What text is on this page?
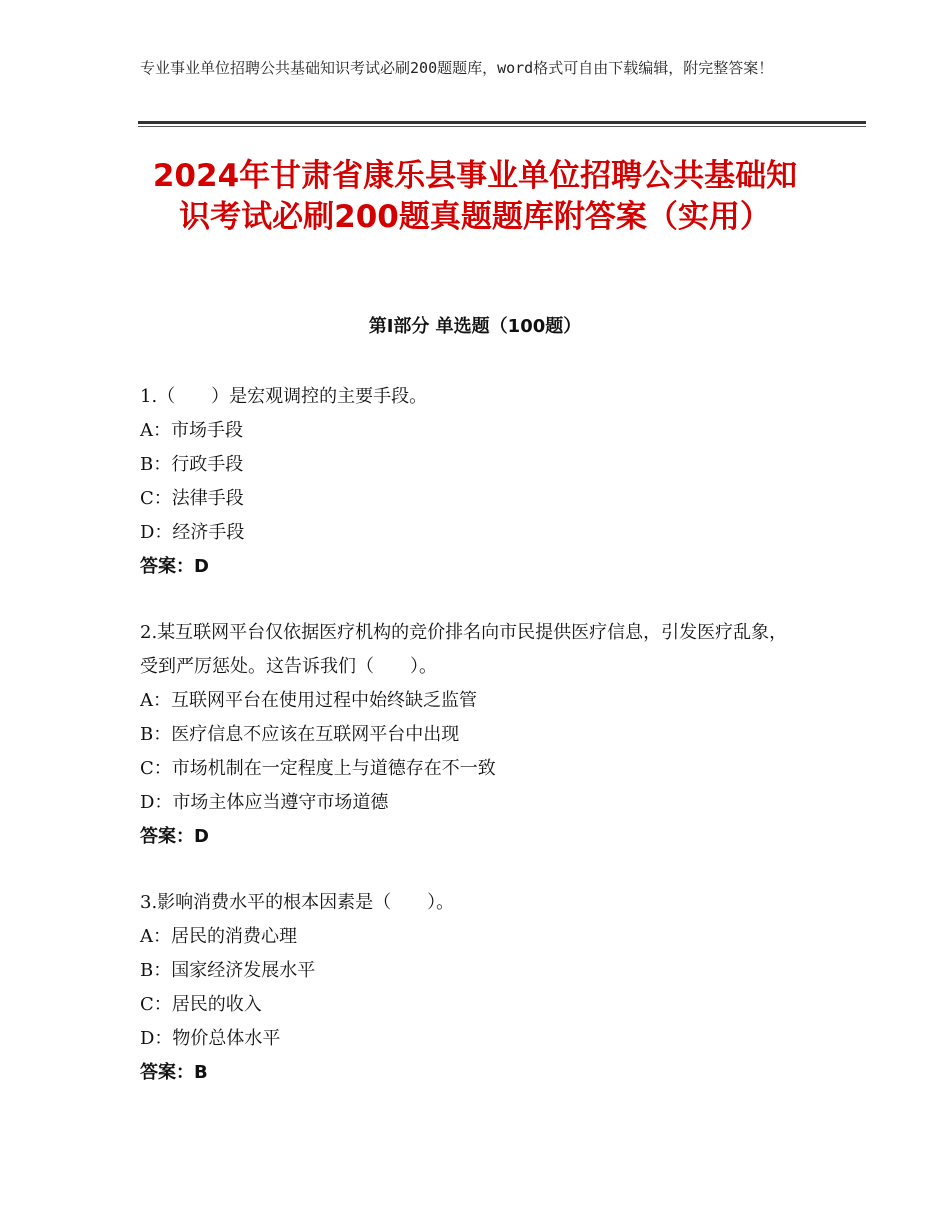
专业事业单位招聘公共基础知识考试必刷200题题库，word格式可自由下载编辑，附完整答案！
2024年甘肃省康乐县事业单位招聘公共基础知识考试必刷200题真题题库附答案（实用）
第Ⅰ部分 单选题（100题）
1.（　　）是宏观调控的主要手段。
A：市场手段
B：行政手段
C：法律手段
D：经济手段
答案：D
2.某互联网平台仅依据医疗机构的竞价排名向市民提供医疗信息，引发医疗乱象，受到严厉惩处。这告诉我们（　　）。
A：互联网平台在使用过程中始终缺乏监管
B：医疗信息不应该在互联网平台中出现
C：市场机制在一定程度上与道德存在不一致
D：市场主体应当遵守市场道德
答案：D
3.影响消费水平的根本因素是（　　）。
A：居民的消费心理
B：国家经济发展水平
C：居民的收入
D：物价总体水平
答案：B
